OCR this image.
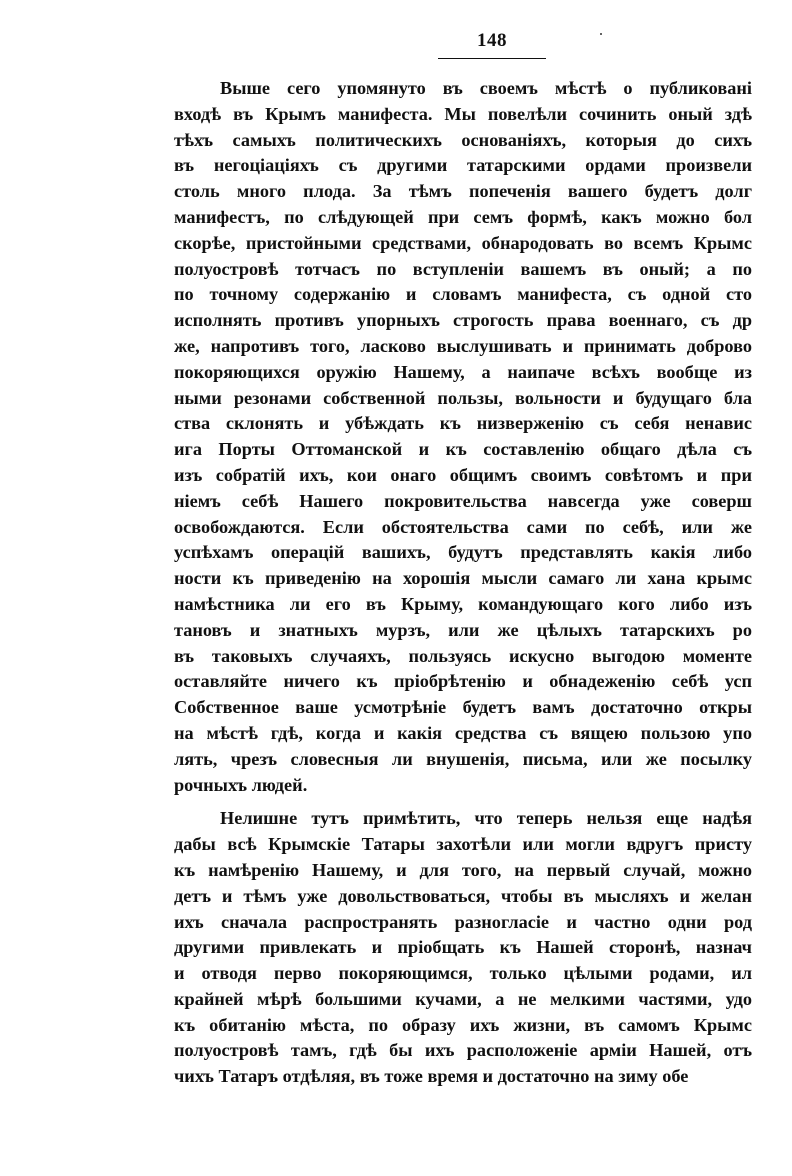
148
Выше сего упомянуто въ своемъ мѣстѣ о публиковані
входѣ въ Крымъ манифеста. Мы повелѣли сочинить оный здѣ
тѣхъ самыхъ политическихъ основаніяхъ, которыя до сихъ
въ негоціацiяхъ съ другими татарскими ордами произвели
столь много плода. За тѣмъ попеченія вашего будетъ долг
манифестъ, по слѣдующей при семъ формѣ, какъ можно бол
скорѣе, пристойными средствами, обнародовать во всемъ Крымс
полуостровѣ тотчасъ по вступленіи вашемъ въ оный; а по
по точному содержанію и словамъ манифеста, съ одной сто
исполнять противъ упорныхъ строгость права военнаго, съ др
же, напротивъ того, ласково выслушивать и принимать доброво
покоряющихся оружію Нашему, а наипаче всѣхъ вообще из
ными резонами собственной пользы, вольности и будущаго бла
ства склонять и убѣждать къ низверженію съ себя ненавис
ига Порты Оттоманской и къ составленію общаго дѣла съ
изъ собратій ихъ, кои онаго общимъ своимъ совѣтомъ и при
ніемъ себѣ Нашего покровительства навсегда уже соверш
освобождаются. Если обстоятельства сами по себѣ, или же
успѣхамъ операцій вашихъ, будутъ представлять какія либо
ности къ приведенію на хорошія мысли самаго ли хана крымс
намѣстника ли его въ Крыму, командующаго кого либо изъ
тановъ и знатныхъ мурзъ, или же цѣлыхъ татарскихъ ро
въ таковыхъ случаяхъ, пользуясь искусно выгодою моменте
оставляйте ничего къ пріобрѣтенію и обнадеженію себѣ усп
Собственное ваше усмотрѣніе будетъ вамъ достаточно откры
на мѣстѣ гдѣ, когда и какія средства съ вящею пользою упо
лять, чрезъ словесныя ли внушенія, письма, или же посылку
рочныхъ людей.
Нелишне тутъ примѣтить, что теперь нельзя еще надѣя
дабы всѣ Крымскіе Татары захотѣли или могли вдругъ присту
къ намѣренію Нашему, и для того, на первый случай, можно
детъ и тѣмъ уже довольствоваться, чтобы въ мысляхъ и желан
ихъ сначала распространять разногласіе и частно одни род
другими привлекать и пріобщать къ Нашей сторонѣ, назнач
и отводя перво покоряющимся, только цѣлыми родами, ил
крайней мѣрѣ большими кучами, а не мелкими частями, удо
къ обитанію мѣста, по образу ихъ жизни, въ самомъ Крымс
полуостровѣ тамъ, гдѣ бы ихъ расположеніе арміи Нашей, отъ
чихъ Татаръ отдѣляя, въ тоже время и достаточно на зиму обе
